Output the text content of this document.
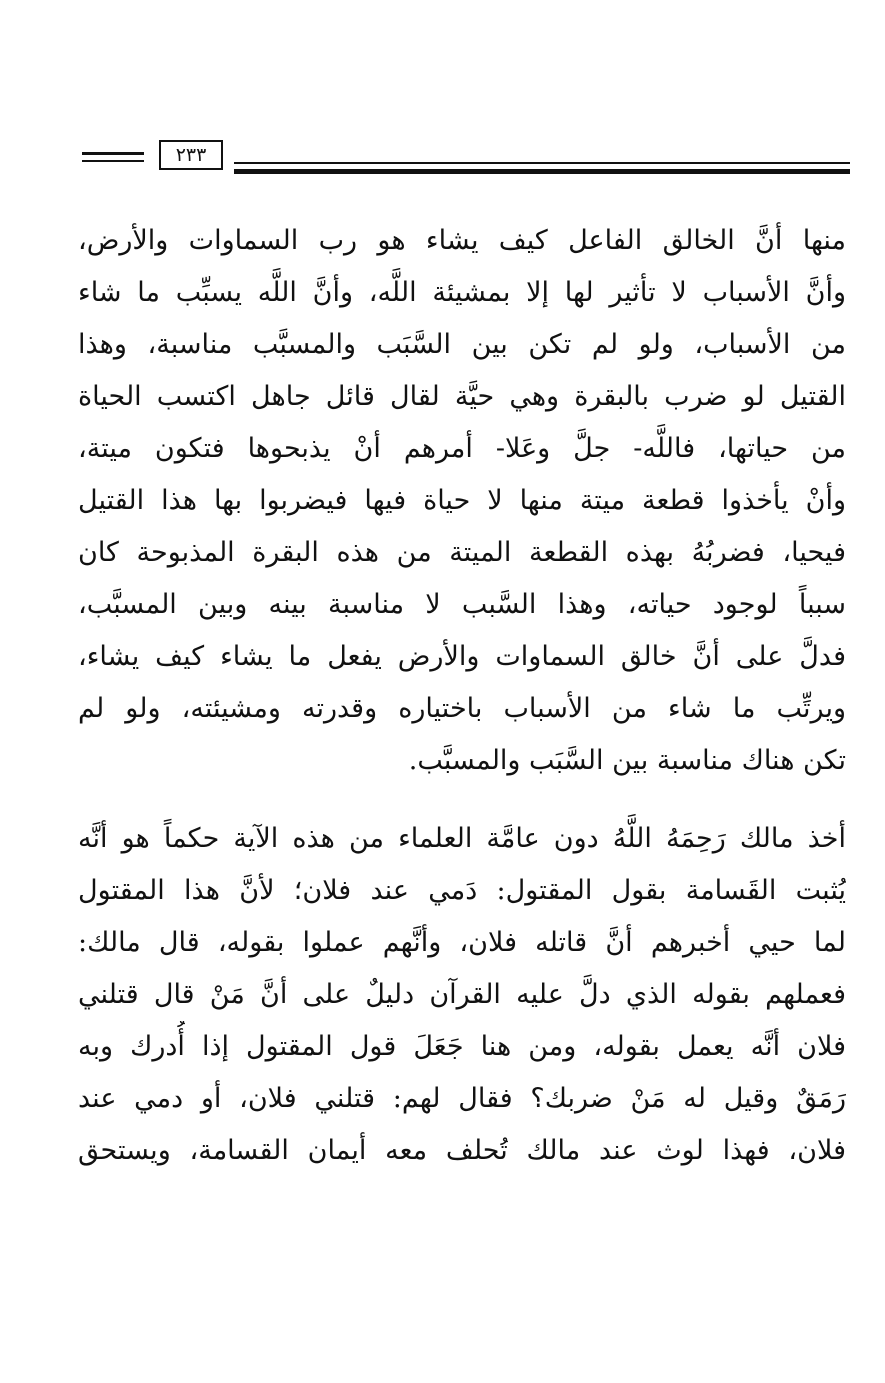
٢٣٣
منها أنَّ الخالق الفاعل كيف يشاء هو رب السماوات والأرض،
وأنَّ الأسباب لا تأثير لها إلا بمشيئة اللَّه، وأنَّ اللَّه يسبِّب ما شاء
من الأسباب، ولو لم تكن بين السَّبَب والمسبَّب مناسبة، وهذا
القتيل لو ضرب بالبقرة وهي حيَّة لقال قائل جاهل اكتسب الحياة
من حياتها، فاللَّه- جلَّ وعَلا- أمرهم أنْ يذبحوها فتكون ميتة،
وأنْ يأخذوا قطعة ميتة منها لا حياة فيها فيضربوا بها هذا القتيل
فيحيا، فضربُهُ بهذه القطعة الميتة من هذه البقرة المذبوحة كان
سبباً لوجود حياته، وهذا السَّبب لا مناسبة بينه وبين المسبَّب،
فدلَّ على أنَّ خالق السماوات والأرض يفعل ما يشاء كيف يشاء،
ويرتِّب ما شاء من الأسباب باختياره وقدرته ومشيئته، ولو لم
تكن هناك مناسبة بين السَّبَب والمسبَّب.
أخذ مالك رَحِمَهُ اللَّهُ دون عامَّة العلماء من هذه الآية حكماً هو أنَّه
يُثبت القَسامة بقول المقتول: دَمي عند فلان؛ لأنَّ هذا المقتول
لما حيي أخبرهم أنَّ قاتله فلان، وأنَّهم عملوا بقوله، قال مالك:
فعملهم بقوله الذي دلَّ عليه القرآن دليلٌ على أنَّ مَنْ قال قتلني
فلان أنَّه يعمل بقوله، ومن هنا جَعَلَ قول المقتول إذا أُدرك وبه
رَمَقٌ وقيل له مَنْ ضربك؟ فقال لهم: قتلني فلان، أو دمي عند
فلان، فهذا لوث عند مالك تُحلف معه أيمان القسامة، ويستحق
